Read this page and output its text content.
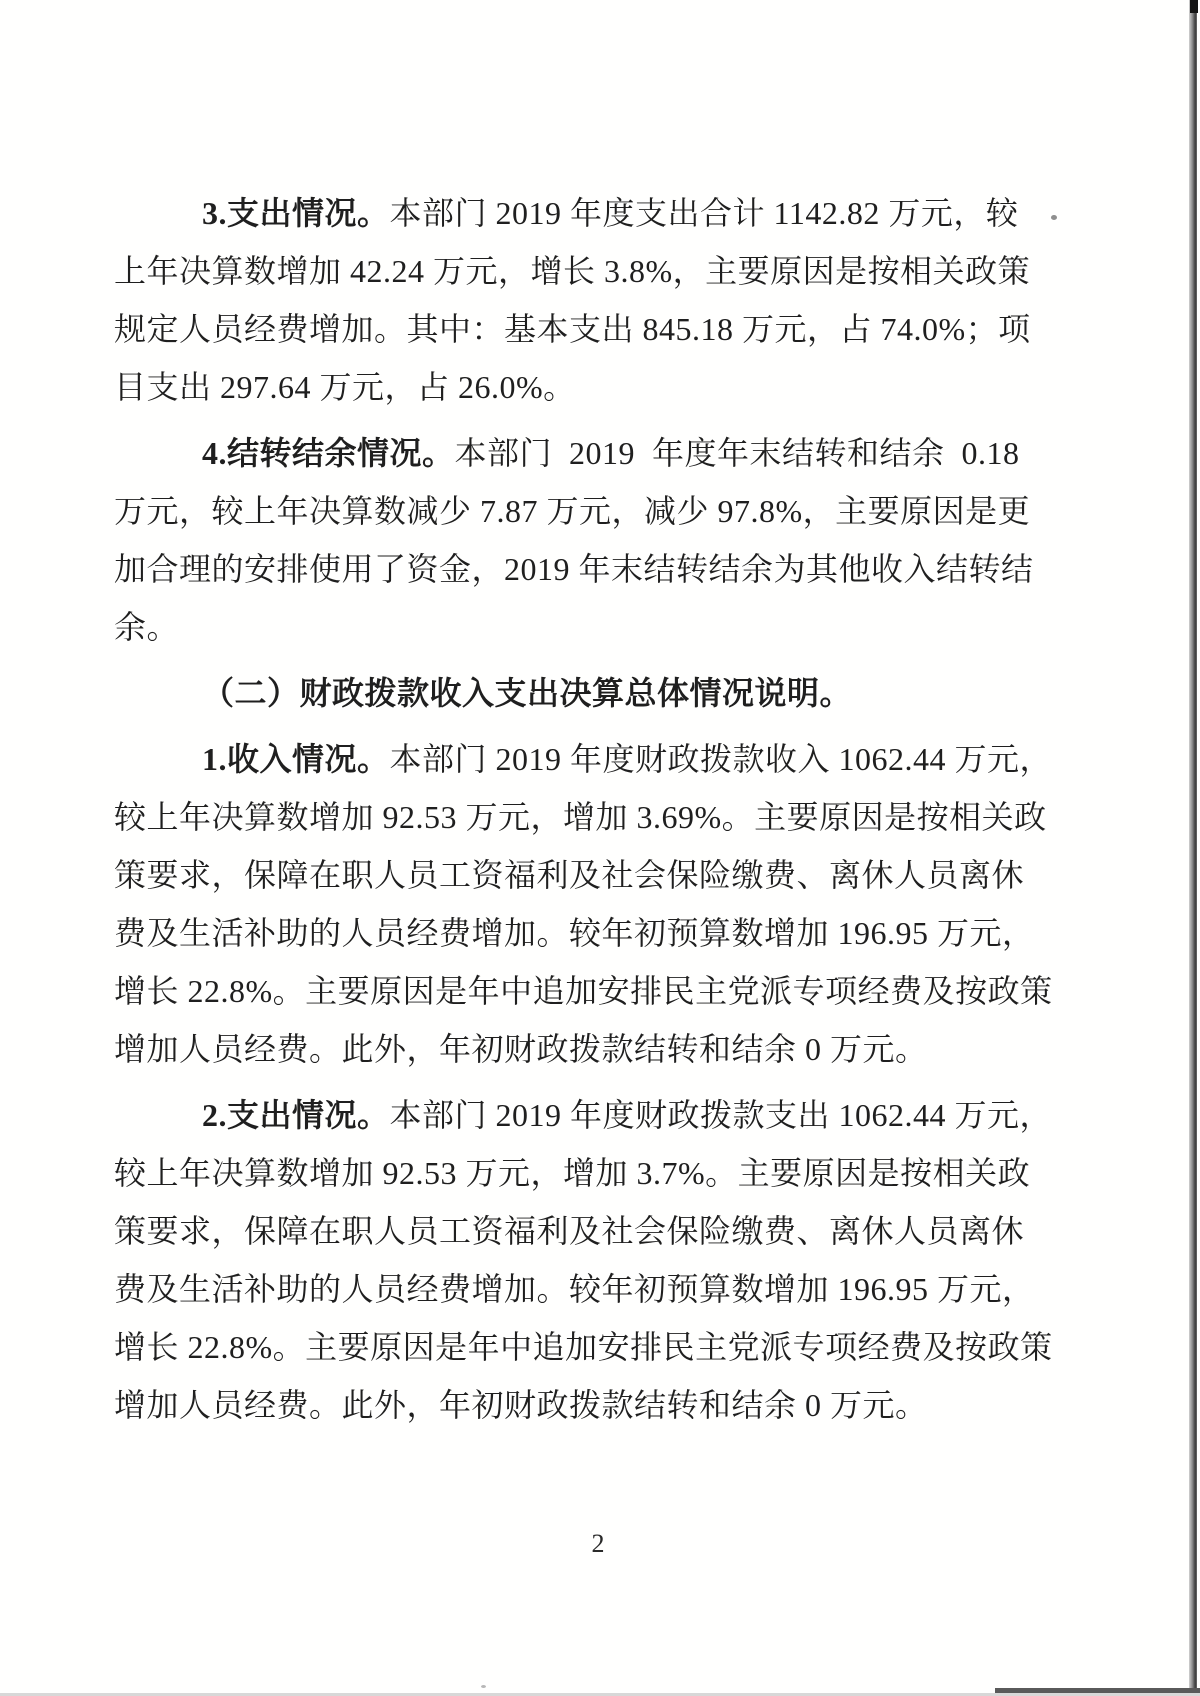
3.支出情况。本部门 2019 年度支出合计 1142.82 万元，较
上年决算数增加 42.24 万元，增长 3.8%，主要原因是按相关政策
规定人员经费增加。其中：基本支出 845.18 万元，占 74.0%；项
目支出 297.64 万元，占 26.0%。
4.结转结余情况。本部门  2019  年度年末结转和结余  0.18
万元，较上年决算数减少 7.87 万元，减少 97.8%，主要原因是更
加合理的安排使用了资金，2019 年末结转结余为其他收入结转结
余。
（二）财政拨款收入支出决算总体情况说明。
1.收入情况。本部门 2019 年度财政拨款收入 1062.44 万元，
较上年决算数增加 92.53 万元，增加 3.69%。主要原因是按相关政
策要求，保障在职人员工资福利及社会保险缴费、离休人员离休
费及生活补助的人员经费增加。较年初预算数增加 196.95 万元，
增长 22.8%。主要原因是年中追加安排民主党派专项经费及按政策
增加人员经费。此外，年初财政拨款结转和结余 0 万元。
2.支出情况。本部门 2019 年度财政拨款支出 1062.44 万元，
较上年决算数增加 92.53 万元，增加 3.7%。主要原因是按相关政
策要求，保障在职人员工资福利及社会保险缴费、离休人员离休
费及生活补助的人员经费增加。较年初预算数增加 196.95 万元，
增长 22.8%。主要原因是年中追加安排民主党派专项经费及按政策
增加人员经费。此外，年初财政拨款结转和结余 0 万元。
2
